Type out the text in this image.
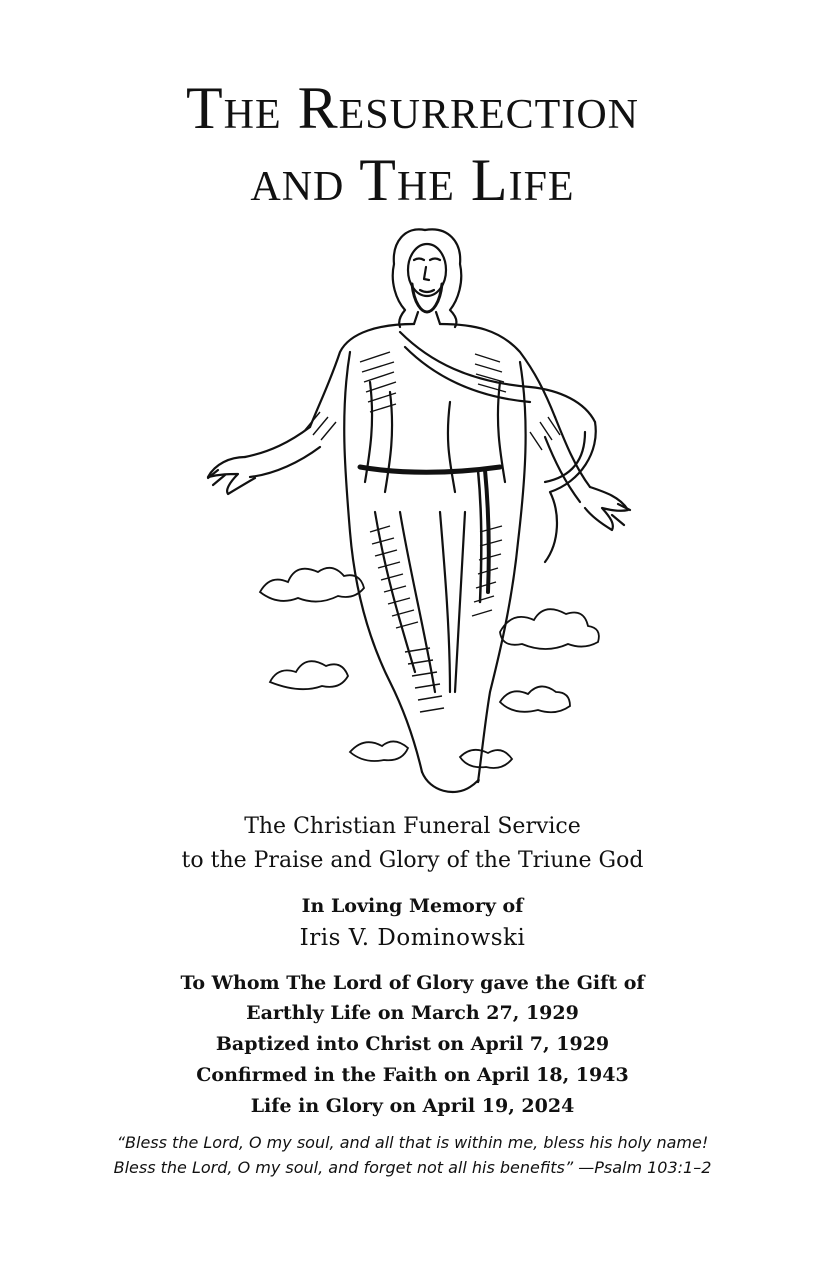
The Resurrection
and The Life

The Christian Funeral Service

to the Praise and Glory of the Triune God

In Loving Memory of

Iris V. Dominowski

To Whom The Lord of Glory gave the Gift of

Earthly Life on March 27, 1929

Baptized into Christ on April 7, 1929

Confirmed in the Faith on April 18, 1943

Life in Glory on April 19, 2024

“Bless the Lord, O my soul, and all that is within me, bless his holy name!

Bless the Lord, O my soul, and forget not all his benefits” —Psalm 103:1–2
